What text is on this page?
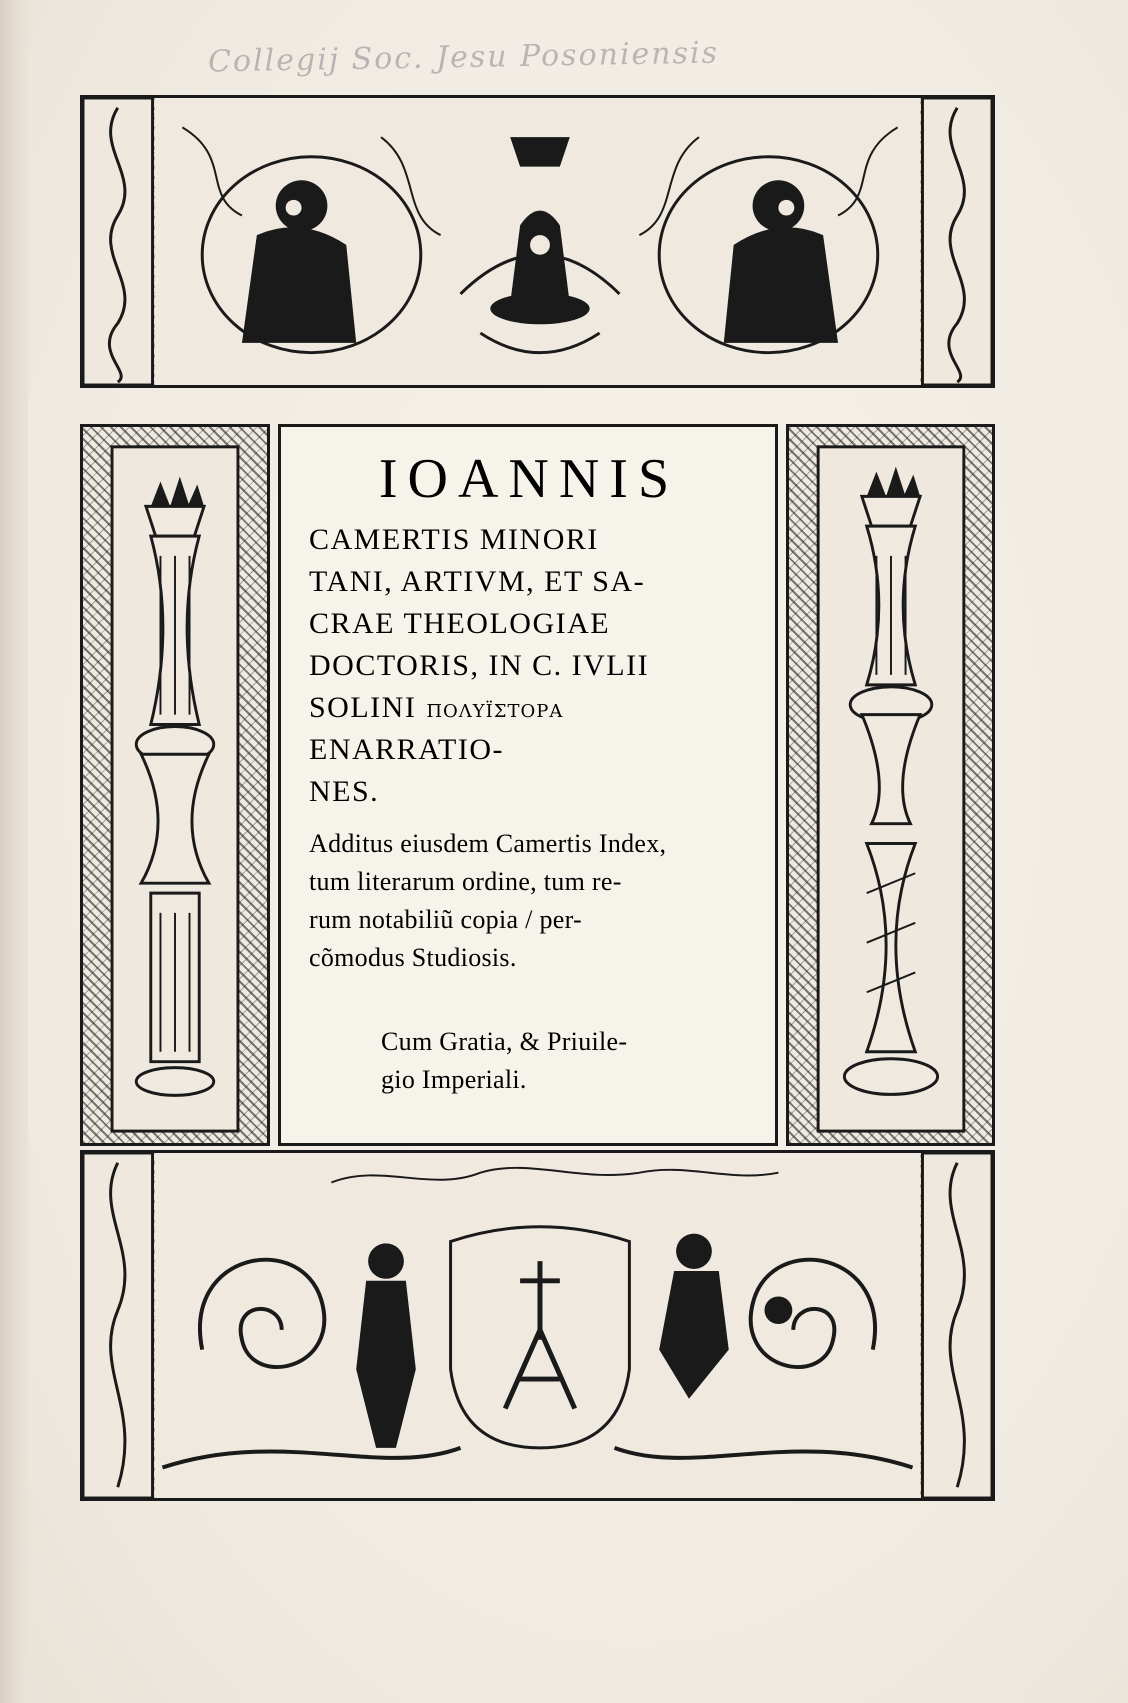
Collegij Soc. Jesu Posoniensis
IOANNIS
CAMERTIS MINORI
TANI, ARTIVM, ET SA-
CRAE THEOLOGIAE
DOCTORIS, IN C. IVLII
SOLINI ΠΟΛΥΪΣΤΟΡΑ
ENARRATIO-
NES.
Additus eiusdem Camertis Index,
tum literarum ordine, tum re-
rum notabiliũ copia / per-
cõmodus Studiosis.
Cum Gratia, & Priuile-
gio Imperiali.
